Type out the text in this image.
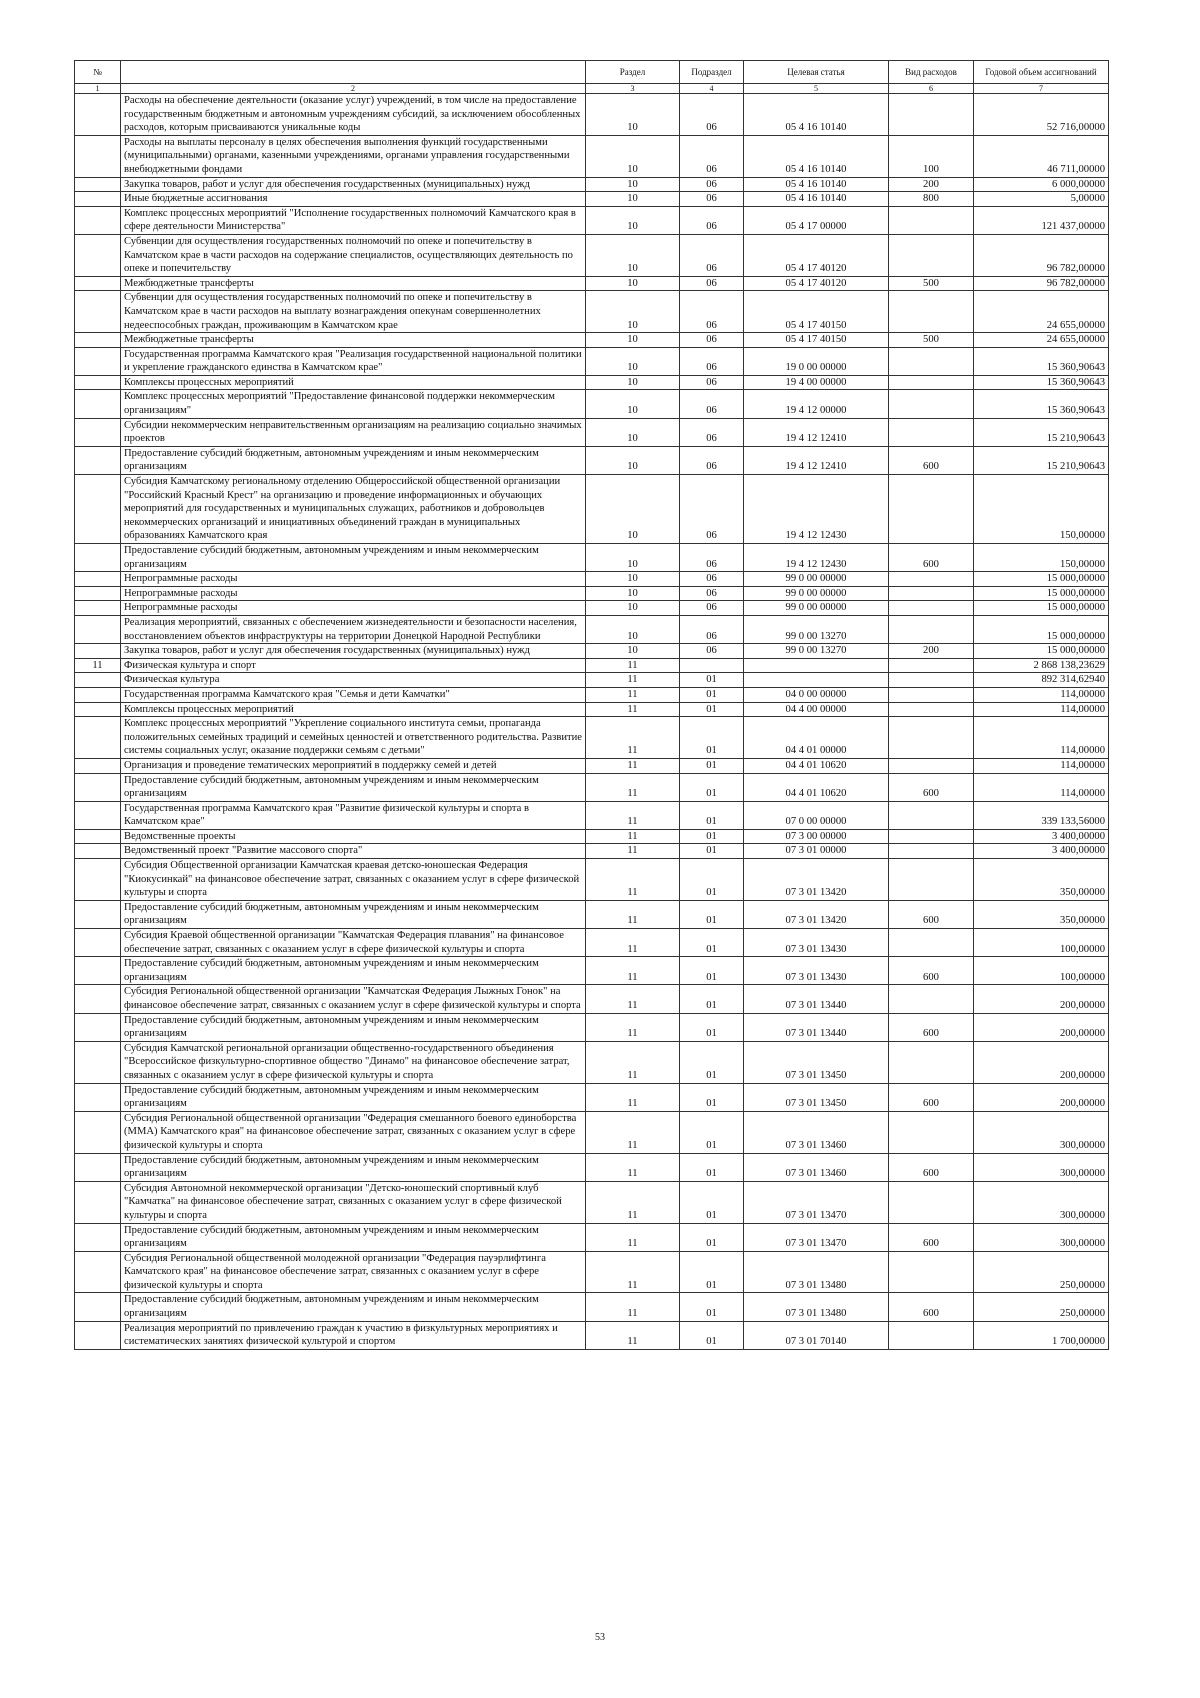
№		Раздел	Подраздел	Целевая статья	Вид расходов	Годовой объем ассигнований
1	2	3	4	5	6	7
	Расходы на обеспечение деятельности (оказание услуг) учреждений, в том числе на предоставление государственным бюджетным и автономным учреждениям субсидий, за исключением обособленных расходов, которым присваиваются уникальные коды	10	06	05 4 16 10140		52 716,00000
	Расходы на выплаты персоналу в целях обеспечения выполнения функций государственными (муниципальными) органами, казенными учреждениями, органами управления государственными внебюджетными фондами	10	06	05 4 16 10140	100	46 711,00000
	Закупка товаров, работ и услуг для обеспечения государственных (муниципальных) нужд	10	06	05 4 16 10140	200	6 000,00000
	Иные бюджетные ассигнования	10	06	05 4 16 10140	800	5,00000
	Комплекс процессных мероприятий "Исполнение государственных полномочий Камчатского края в сфере деятельности Министерства"	10	06	05 4 17 00000		121 437,00000
	Субвенции для осуществления государственных полномочий по опеке и попечительству в Камчатском крае в части расходов на содержание специалистов, осуществляющих деятельность по опеке и попечительству	10	06	05 4 17 40120		96 782,00000
	Межбюджетные трансферты	10	06	05 4 17 40120	500	96 782,00000
	Субвенции для осуществления государственных полномочий по опеке и попечительству в Камчатском крае в части расходов на выплату вознаграждения опекунам совершеннолетних недееспособных граждан, проживающим в Камчатском крае	10	06	05 4 17 40150		24 655,00000
	Межбюджетные трансферты	10	06	05 4 17 40150	500	24 655,00000
	Государственная программа Камчатского края "Реализация государственной национальной политики и укрепление гражданского единства в Камчатском крае"	10	06	19 0 00 00000		15 360,90643
	Комплексы процессных мероприятий	10	06	19 4 00 00000		15 360,90643
	Комплекс процессных мероприятий "Предоставление финансовой поддержки некоммерческим организациям"	10	06	19 4 12 00000		15 360,90643
	Субсидии некоммерческим неправительственным организациям на реализацию социально значимых проектов	10	06	19 4 12 12410		15 210,90643
	Предоставление субсидий бюджетным, автономным учреждениям и иным некоммерческим организациям	10	06	19 4 12 12410	600	15 210,90643
	Субсидия Камчатскому региональному отделению Общероссийской общественной организации "Российский Красный Крест" на организацию и проведение информационных и обучающих мероприятий для государственных и муниципальных служащих, работников и добровольцев некоммерческих организаций и инициативных объединений граждан в муниципальных образованиях Камчатского края	10	06	19 4 12 12430		150,00000
	Предоставление субсидий бюджетным, автономным учреждениям и иным некоммерческим организациям	10	06	19 4 12 12430	600	150,00000
	Непрограммные расходы	10	06	99 0 00 00000		15 000,00000
	Непрограммные расходы	10	06	99 0 00 00000		15 000,00000
	Непрограммные расходы	10	06	99 0 00 00000		15 000,00000
	Реализация мероприятий, связанных с обеспечением жизнедеятельности и безопасности населения, восстановлением объектов инфраструктуры на территории Донецкой Народной Республики	10	06	99 0 00 13270		15 000,00000
	Закупка товаров, работ и услуг для обеспечения государственных (муниципальных) нужд	10	06	99 0 00 13270	200	15 000,00000
11	Физическая культура и спорт	11				2 868 138,23629
	Физическая культура	11	01			892 314,62940
	Государственная программа Камчатского края "Семья и дети Камчатки"	11	01	04 0 00 00000		114,00000
	Комплексы процессных мероприятий	11	01	04 4 00 00000		114,00000
	Комплекс процессных мероприятий "Укрепление социального института семьи, пропаганда положительных семейных традиций и семейных ценностей и ответственного родительства. Развитие системы социальных услуг, оказание поддержки семьям с детьми"	11	01	04 4 01 00000		114,00000
	Организация и проведение тематических мероприятий в поддержку семей и детей	11	01	04 4 01 10620		114,00000
	Предоставление субсидий бюджетным, автономным учреждениям и иным некоммерческим организациям	11	01	04 4 01 10620	600	114,00000
	Государственная программа Камчатского края "Развитие физической культуры и спорта в Камчатском крае"	11	01	07 0 00 00000		339 133,56000
	Ведомственные проекты	11	01	07 3 00 00000		3 400,00000
	Ведомственный проект "Развитие массового спорта"	11	01	07 3 01 00000		3 400,00000
	Субсидия Общественной организации Камчатская краевая детско-юношеская Федерация "Киокусинкай" на финансовое обеспечение затрат, связанных с оказанием услуг в сфере физической культуры и спорта	11	01	07 3 01 13420		350,00000
	Предоставление субсидий бюджетным, автономным учреждениям и иным некоммерческим организациям	11	01	07 3 01 13420	600	350,00000
	Субсидия Краевой общественной организации "Камчатская Федерация плавания" на финансовое обеспечение затрат, связанных с оказанием услуг в сфере физической культуры и спорта	11	01	07 3 01 13430		100,00000
	Предоставление субсидий бюджетным, автономным учреждениям и иным некоммерческим организациям	11	01	07 3 01 13430	600	100,00000
	Субсидия Региональной общественной организации "Камчатская Федерация Лыжных Гонок" на финансовое обеспечение затрат, связанных с оказанием услуг в сфере физической культуры и спорта	11	01	07 3 01 13440		200,00000
	Предоставление субсидий бюджетным, автономным учреждениям и иным некоммерческим организациям	11	01	07 3 01 13440	600	200,00000
	Субсидия Камчатской региональной организации общественно-государственного объединения "Всероссийское физкультурно-спортивное общество "Динамо" на финансовое обеспечение затрат, связанных с оказанием услуг в сфере физической культуры и спорта	11	01	07 3 01 13450		200,00000
	Предоставление субсидий бюджетным, автономным учреждениям и иным некоммерческим организациям	11	01	07 3 01 13450	600	200,00000
	Субсидия Региональной общественной организации "Федерация смешанного боевого единоборства (ММА) Камчатского края" на финансовое обеспечение затрат, связанных с оказанием услуг в сфере физической культуры и спорта	11	01	07 3 01 13460		300,00000
	Предоставление субсидий бюджетным, автономным учреждениям и иным некоммерческим организациям	11	01	07 3 01 13460	600	300,00000
	Субсидия Автономной некоммерческой организации "Детско-юношеский спортивный клуб "Камчатка" на финансовое обеспечение затрат, связанных с оказанием услуг в сфере физической культуры и спорта	11	01	07 3 01 13470		300,00000
	Предоставление субсидий бюджетным, автономным учреждениям и иным некоммерческим организациям	11	01	07 3 01 13470	600	300,00000
	Субсидия Региональной общественной молодежной организации "Федерация пауэрлифтинга Камчатского края" на финансовое обеспечение затрат, связанных с оказанием услуг в сфере физической культуры и спорта	11	01	07 3 01 13480		250,00000
	Предоставление субсидий бюджетным, автономным учреждениям и иным некоммерческим организациям	11	01	07 3 01 13480	600	250,00000
	Реализация мероприятий по привлечению граждан к участию в физкультурных мероприятиях и систематических занятиях физической культурой и спортом	11	01	07 3 01 70140		1 700,00000
53
